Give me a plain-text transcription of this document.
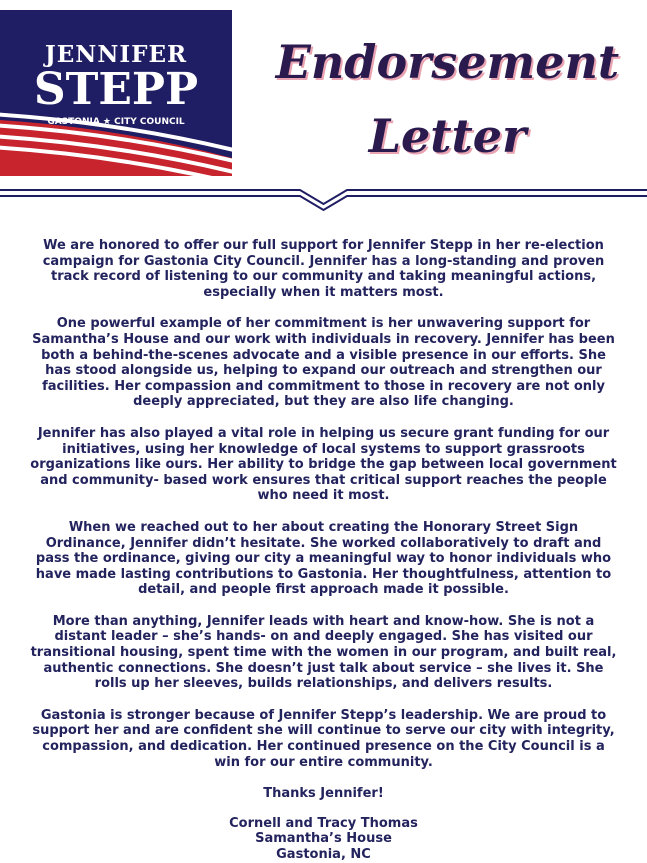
JENNIFER
STEPP
GASTONIA ★ CITY COUNCIL
Endorsement
Letter

We are honored to offer our full support for Jennifer Stepp in her re-election campaign for Gastonia City Council. Jennifer has a long-standing and proven track record of listening to our community and taking meaningful actions, especially when it matters most.

One powerful example of her commitment is her unwavering support for Samantha’s House and our work with individuals in recovery. Jennifer has been both a behind-the-scenes advocate and a visible presence in our efforts. She has stood alongside us, helping to expand our outreach and strengthen our facilities. Her compassion and commitment to those in recovery are not only deeply appreciated, but they are also life changing.

Jennifer has also played a vital role in helping us secure grant funding for our initiatives, using her knowledge of local systems to support grassroots organizations like ours. Her ability to bridge the gap between local government and community- based work ensures that critical support reaches the people who need it most.

When we reached out to her about creating the Honorary Street Sign Ordinance, Jennifer didn’t hesitate. She worked collaboratively to draft and pass the ordinance, giving our city a meaningful way to honor individuals who have made lasting contributions to Gastonia. Her thoughtfulness, attention to detail, and people first approach made it possible.

More than anything, Jennifer leads with heart and know-how. She is not a distant leader – she’s hands- on and deeply engaged. She has visited our transitional housing, spent time with the women in our program, and built real, authentic connections. She doesn’t just talk about service – she lives it. She rolls up her sleeves, builds relationships, and delivers results.

Gastonia is stronger because of Jennifer Stepp’s leadership. We are proud to support her and are confident she will continue to serve our city with integrity, compassion, and dedication. Her continued presence on the City Council is a win for our entire community.

Thanks Jennifer!

Cornell and Tracy Thomas
Samantha’s House
Gastonia, NC
